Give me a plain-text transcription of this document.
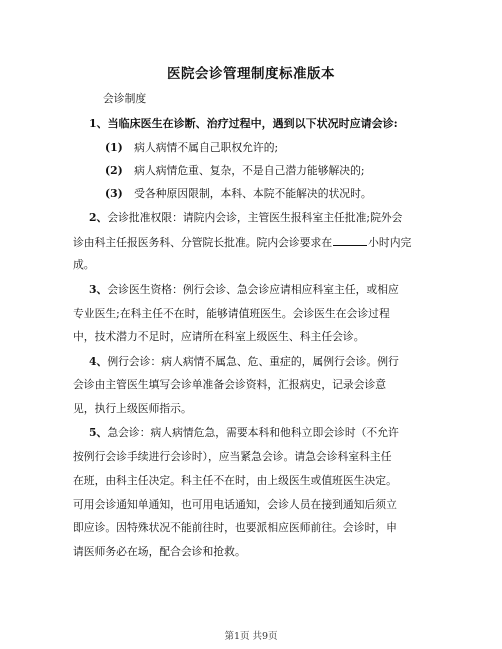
医院会诊管理制度标准版本
会诊制度
1、当临床医生在诊断、治疗过程中，遇到以下状况时应请会诊:
(1) 病人病情不属自己职权允许的;
(2) 病人病情危重、复杂，不是自己潜力能够解决的;
(3) 受各种原因限制，本科、本院不能解决的状况时。
2、会诊批准权限：请院内会诊，主管医生报科室主任批准;院外会
诊由科主任报医务科、分管院长批准。院内会诊要求在	小时内完
成。
3、会诊医生资格：例行会诊、急会诊应请相应科室主任，或相应
专业医生;在科主任不在时，能够请值班医生。会诊医生在会诊过程
中，技术潜力不足时，应请所在科室上级医生、科主任会诊。
4、例行会诊：病人病情不属急、危、重症的，属例行会诊。例行
会诊由主管医生填写会诊单准备会诊资料，汇报病史，记录会诊意
见，执行上级医师指示。
5、急会诊：病人病情危急，需要本科和他科立即会诊时（不允许
按例行会诊手续进行会诊时），应当紧急会诊。请急会诊科室科主任
在班，由科主任决定。科主任不在时，由上级医生或值班医生决定。
可用会诊通知单通知，也可用电话通知，会诊人员在接到通知后须立
即应诊。因特殊状况不能前往时，也要派相应医师前往。会诊时，申
请医师务必在场，配合会诊和抢救。
第1页 共9页
